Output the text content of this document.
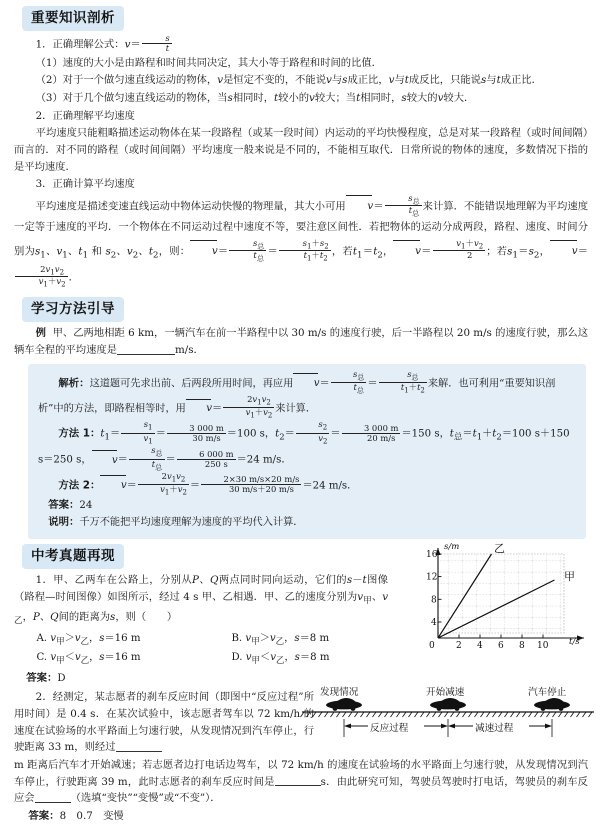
重要知识剖析
1．正确理解公式：$v= \frac{s}{t}$
（1）速度的大小是由路程和时间共同决定，其大小等于路程和时间的比值．
（2）对于一个做匀速直线运动的物体，v是恒定不变的，不能说v与s成正比，v与t成反比，只能说s与t成正比．
（3）对于几个做匀速直线运动的物体，当s相同时，t较小的v较大；当t相同时，s较大的v较大．
2．正确理解平均速度
平均速度只能粗略描述运动物体在某一段路程（或某一段时间）内运动的平均快慢程度，总是对某一段路程（或时间间隔）而言的．对不同的路程（或时间间隔）平均速度一般来说是不同的，不能相互取代．日常所说的物体的速度，多数情况下指的是平均速度．
3．正确计算平均速度
平均速度是描述变速直线运动中物体运动快慢的物理量，其大小可用 $v= \frac{s_总}{t_总}$ 来计算．不能错误地理解为平均速度一定等于速度的平均．一个物体在不同运动过程中速度不等，要注意区间性．若把物体的运动分成两段，路程、速度、时间分别为$s_1$、$v_1$、$t_1$ 和 $s_2$、$v_2$、$t_2$，则： $v= \frac{s_总}{t_总} = \frac{s_1+s_2}{t_1+t_2}$ ，若$t_1=t_2$， $v= \frac{v_1+v_2}{2}$ ；若$s_1=s_2$， v＝
$\frac{2v_1v_2}{v_1+v_2}$ ．
学习方法引导
例 甲、乙两地相距 6 km，一辆汽车在前一半路程中以 30 m/s 的速度行驶，后一半路程以 20 m/s 的速度行驶，那么这辆车全程的平均速度是	m/s．
解析：这道题可先求出前、后两段所用时间，再应用 $v= \frac{s_总}{t_总} = \frac{s_总}{t_1+t_2}$ 来解．也可利用“重要知识剖析”中的方法，即路程相等时，用 $v= \frac{2v_1v_2}{v_1+v_2}$ 来计算．
方法 1：$t_1= \frac{s_1}{v_1} = \frac{3 000 m}{30 m/s} =100$ s，$t_2= \frac{s_2}{v_2} = \frac{3 000 m}{20 m/s} =150$ s，$t_总=t_1+t_2=100$ s＋150 s＝250 s， $v= \frac{s_总}{t_总} = \frac{6 000 m}{250 s} =24$ m/s．
方法 2： $v= \frac{2v_1v_2}{v_1+v_2} = \frac{2\times 30 m/s\times 20 m/s}{30 m/s+20 m/s} =24$ m/s．
答案：24
说明：千万不能把平均速度理解为速度的平均代入计算．
中考真题再现
s/m
t/s
16
12
8
4
0 2 4 6 8 10
乙
甲
1．甲、乙两车在公路上，分别从P、Q两点同时同向运动，它们的s－t图像（路程—时间图像）如图所示，经过 4 s 甲、乙相遇．甲、乙的速度分别为$v_甲$、$v_乙$，P、Q间的距离为s，则（　　）
A. $v_甲>v_乙$，s＝16 m	B. $v_甲>v_乙$，s＝8 m
C. $v_甲<v_乙$，s＝16 m	D. $v_甲<v_乙$，s＝8 m
答案：D
发现情况	开始减速	汽车停止
反应过程	减速过程
2．经测定，某志愿者的刹车反应时间（即图中“反应过程”所用时间）是 0.4 s．在某次试验中，该志愿者驾车以 72 km/h 的速度在试验场的水平路面上匀速行驶，从发现情况到汽车停止，行驶距离 33 m，则经过
m 距离后汽车才开始减速；若志愿者边打电话边驾车，以 72 km/h 的速度在试验场的水平路面上匀速行驶，从发现情况到汽车停止，行驶距离 39 m，此时志愿者的刹车反应时间是	s．由此研究可知，驾驶员驾驶时打电话，驾驶员的刹车反应会	（选填“变快”“变慢”或“不变”）．
答案：8　0.7　变慢
